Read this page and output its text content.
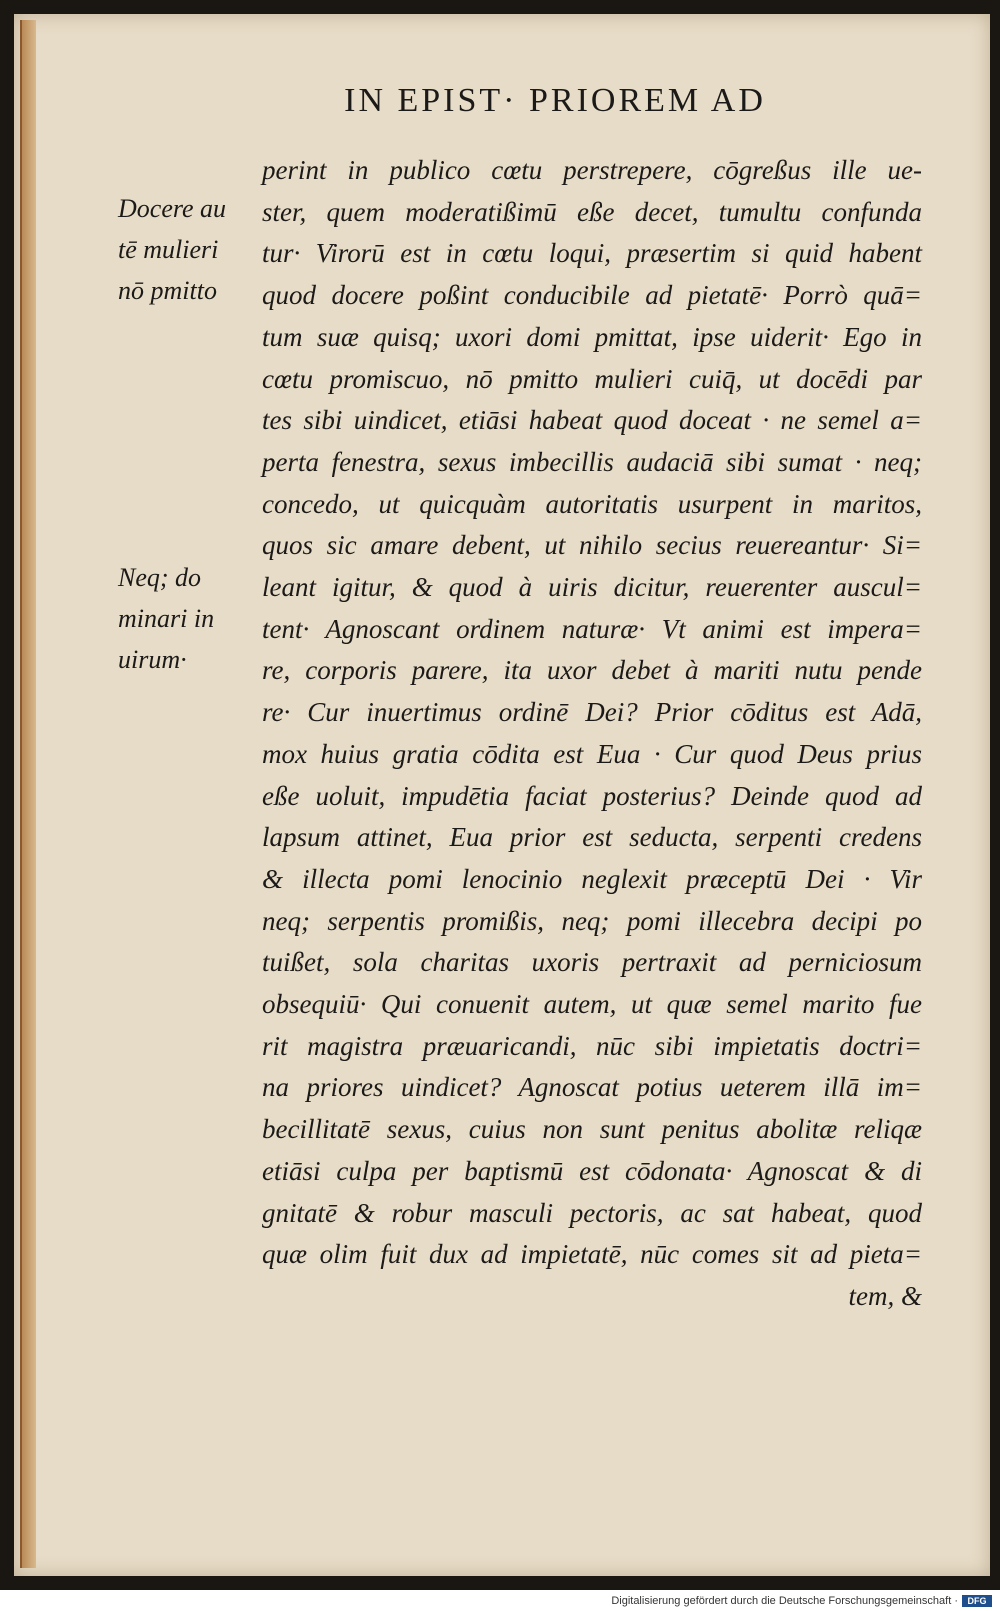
IN EPIST· PRIOREM AD
Docere au
tē mulieri
nō pmitto
Neq; do
minari in
uirum·
perint in publico cœtu perstrepere, cōgreßus ille ue-
ster, quem moderatißimū eße decet, tumultu confunda
tur· Virorū est in cœtu loqui, præsertim si quid habent
quod docere poßint conducibile ad pietatē· Porrò quā=
tum suæ quisq; uxori domi pmittat, ipse uiderit· Ego in
cœtu promiscuo, nō pmitto mulieri cuiq̄, ut docēdi par
tes sibi uindicet, etiāsi habeat quod doceat · ne semel a=
perta fenestra, sexus imbecillis audaciā sibi sumat · neq;
concedo, ut quicquàm autoritatis usurpent in maritos,
quos sic amare debent, ut nihilo secius reuereantur· Si=
leant igitur, & quod à uiris dicitur, reuerenter auscul=
tent· Agnoscant ordinem naturæ· Vt animi est impera=
re, corporis parere, ita uxor debet à mariti nutu pende
re· Cur inuertimus ordinē Dei? Prior cōditus est Adā,
mox huius gratia cōdita est Eua · Cur quod Deus prius
eße uoluit, impudētia faciat posterius? Deinde quod ad
lapsum attinet, Eua prior est seducta, serpenti credens
& illecta pomi lenocinio neglexit præceptū Dei · Vir
neq; serpentis promißis, neq; pomi illecebra decipi po
tuißet, sola charitas uxoris pertraxit ad perniciosum
obsequiū· Qui conuenit autem, ut quæ semel marito fue
rit magistra præuaricandi, nūc sibi impietatis doctri=
na priores uindicet? Agnoscat potius ueterem illā im=
becillitatē sexus, cuius non sunt penitus abolitæ reliqæ
etiāsi culpa per baptismū est cōdonata· Agnoscat & di
gnitatē & robur masculi pectoris, ac sat habeat, quod
quæ olim fuit dux ad impietatē, nūc comes sit ad pieta=
tem, &
Digitalisierung gefördert durch die Deutsche Forschungsgemeinschaft ·	DFG
